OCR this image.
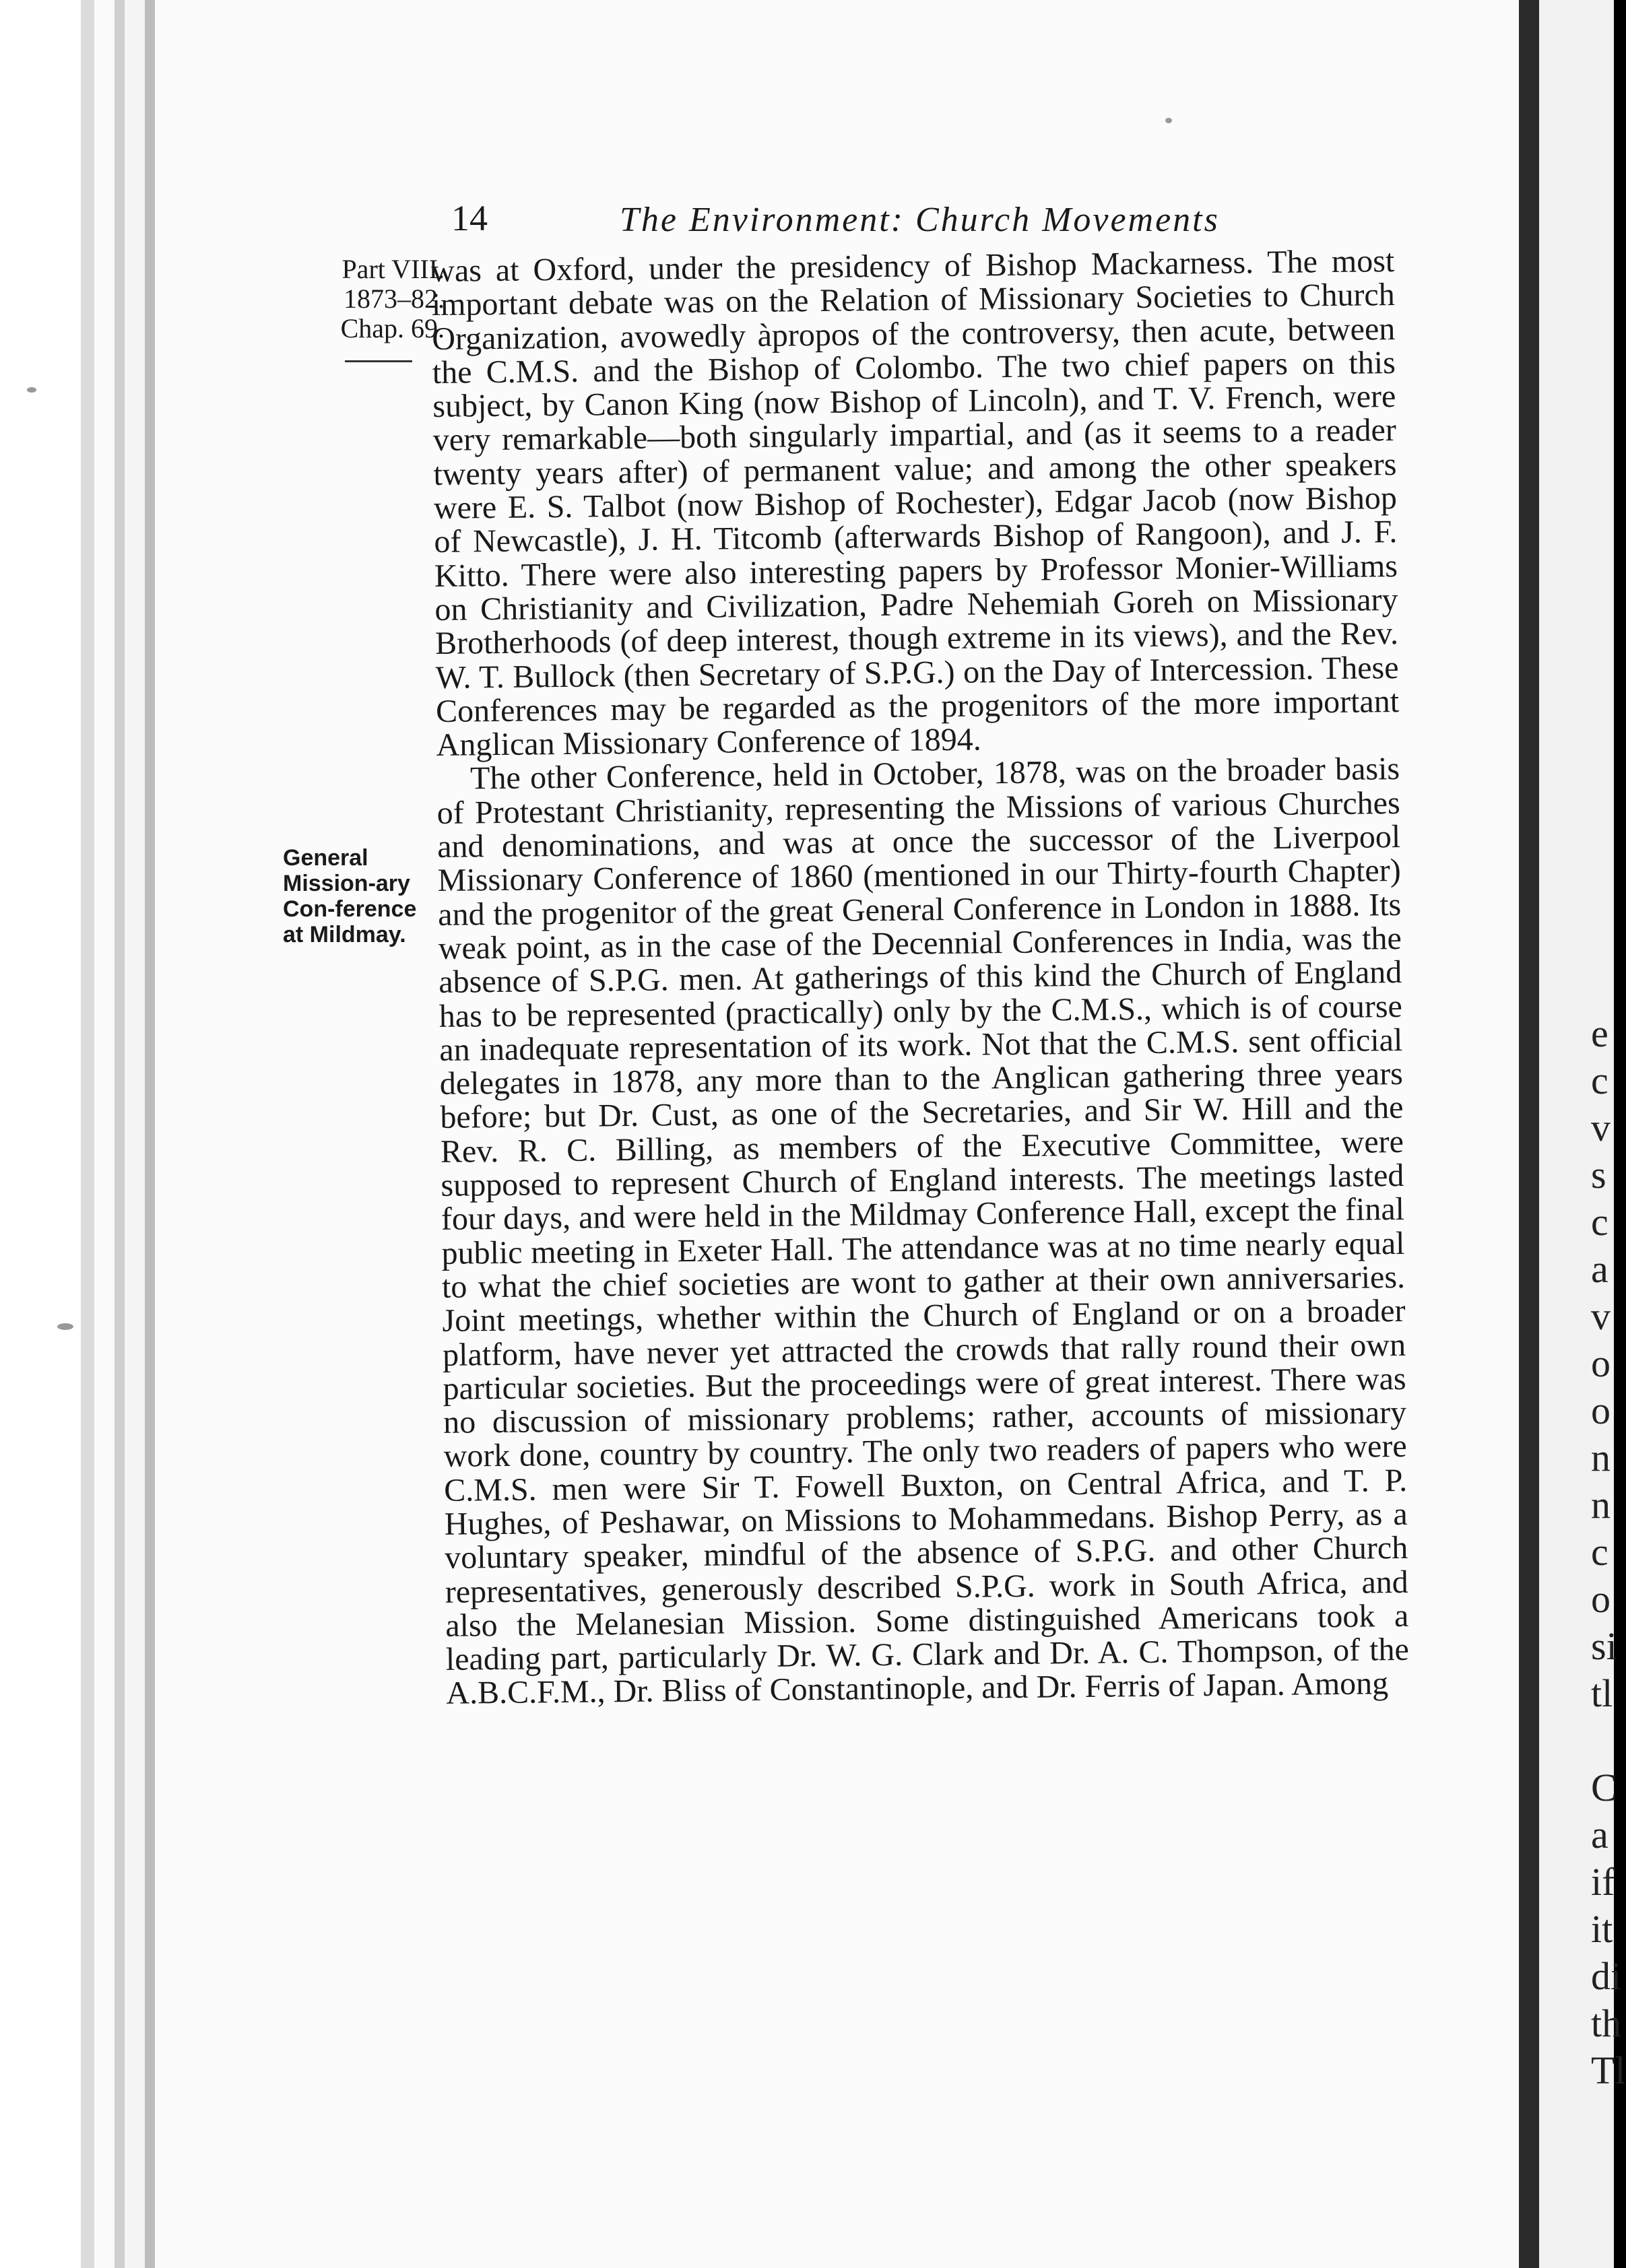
e
c
v
s
c
a
v
o
o
n
n
c
o
si
tl
C
a
if
it
di
th
Tl
14	The Environment: Church Movements
Part VIII.
1873–82.
Chap. 69.
General Mission-ary Con-ference at Mildmay.

was at Oxford, under the presidency of Bishop Mackarness. The most important debate was on the Relation of Missionary Societies to Church Organization, avowedly àpropos of the controversy, then acute, between the C.M.S. and the Bishop of Colombo. The two chief papers on this subject, by Canon King (now Bishop of Lincoln), and T. V. French, were very remarkable—both singularly impartial, and (as it seems to a reader twenty years after) of permanent value; and among the other speakers were E. S. Talbot (now Bishop of Rochester), Edgar Jacob (now Bishop of Newcastle), J. H. Titcomb (afterwards Bishop of Rangoon), and J. F. Kitto. There were also interesting papers by Professor Monier-Williams on Christianity and Civilization, Padre Nehemiah Goreh on Missionary Brotherhoods (of deep interest, though extreme in its views), and the Rev. W. T. Bullock (then Secretary of S.P.G.) on the Day of Intercession. These Conferences may be regarded as the progenitors of the more important Anglican Missionary Conference of 1894.

The other Conference, held in October, 1878, was on the broader basis of Protestant Christianity, representing the Missions of various Churches and denominations, and was at once the successor of the Liverpool Missionary Conference of 1860 (mentioned in our Thirty-fourth Chapter) and the progenitor of the great General Conference in London in 1888. Its weak point, as in the case of the Decennial Conferences in India, was the absence of S.P.G. men. At gatherings of this kind the Church of England has to be represented (practically) only by the C.M.S., which is of course an inadequate representation of its work. Not that the C.M.S. sent official delegates in 1878, any more than to the Anglican gathering three years before; but Dr. Cust, as one of the Secretaries, and Sir W. Hill and the Rev. R. C. Billing, as members of the Executive Committee, were supposed to represent Church of England interests. The meetings lasted four days, and were held in the Mildmay Conference Hall, except the final public meeting in Exeter Hall. The attendance was at no time nearly equal to what the chief societies are wont to gather at their own anniversaries. Joint meetings, whether within the Church of England or on a broader platform, have never yet attracted the crowds that rally round their own particular societies. But the proceedings were of great interest. There was no discussion of missionary problems; rather, accounts of missionary work done, country by country. The only two readers of papers who were C.M.S. men were Sir T. Fowell Buxton, on Central Africa, and T. P. Hughes, of Peshawar, on Missions to Mohammedans. Bishop Perry, as a voluntary speaker, mindful of the absence of S.P.G. and other Church representatives, generously described S.P.G. work in South Africa, and also the Melanesian Mission. Some distinguished Americans took a leading part, particularly Dr. W. G. Clark and Dr. A. C. Thompson, of the A.B.C.F.M., Dr. Bliss of Constantinople, and Dr. Ferris of Japan. Among
